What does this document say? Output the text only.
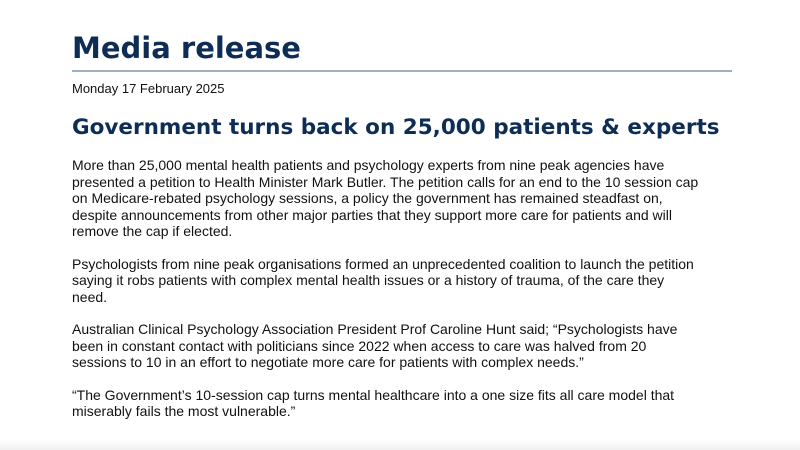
Media release
Monday 17 February 2025
Government turns back on 25,000 patients & experts

More than 25,000 mental health patients and psychology experts from nine peak agencies have
presented a petition to Health Minister Mark Butler. The petition calls for an end to the 10 session cap
on Medicare-rebated psychology sessions, a policy the government has remained steadfast on,
despite announcements from other major parties that they support more care for patients and will
remove the cap if elected.

Psychologists from nine peak organisations formed an unprecedented coalition to launch the petition
saying it robs patients with complex mental health issues or a history of trauma, of the care they
need.

Australian Clinical Psychology Association President Prof Caroline Hunt said; “Psychologists have
been in constant contact with politicians since 2022 when access to care was halved from 20
sessions to 10 in an effort to negotiate more care for patients with complex needs.”

“The Government’s 10-session cap turns mental healthcare into a one size fits all care model that
miserably fails the most vulnerable.”
